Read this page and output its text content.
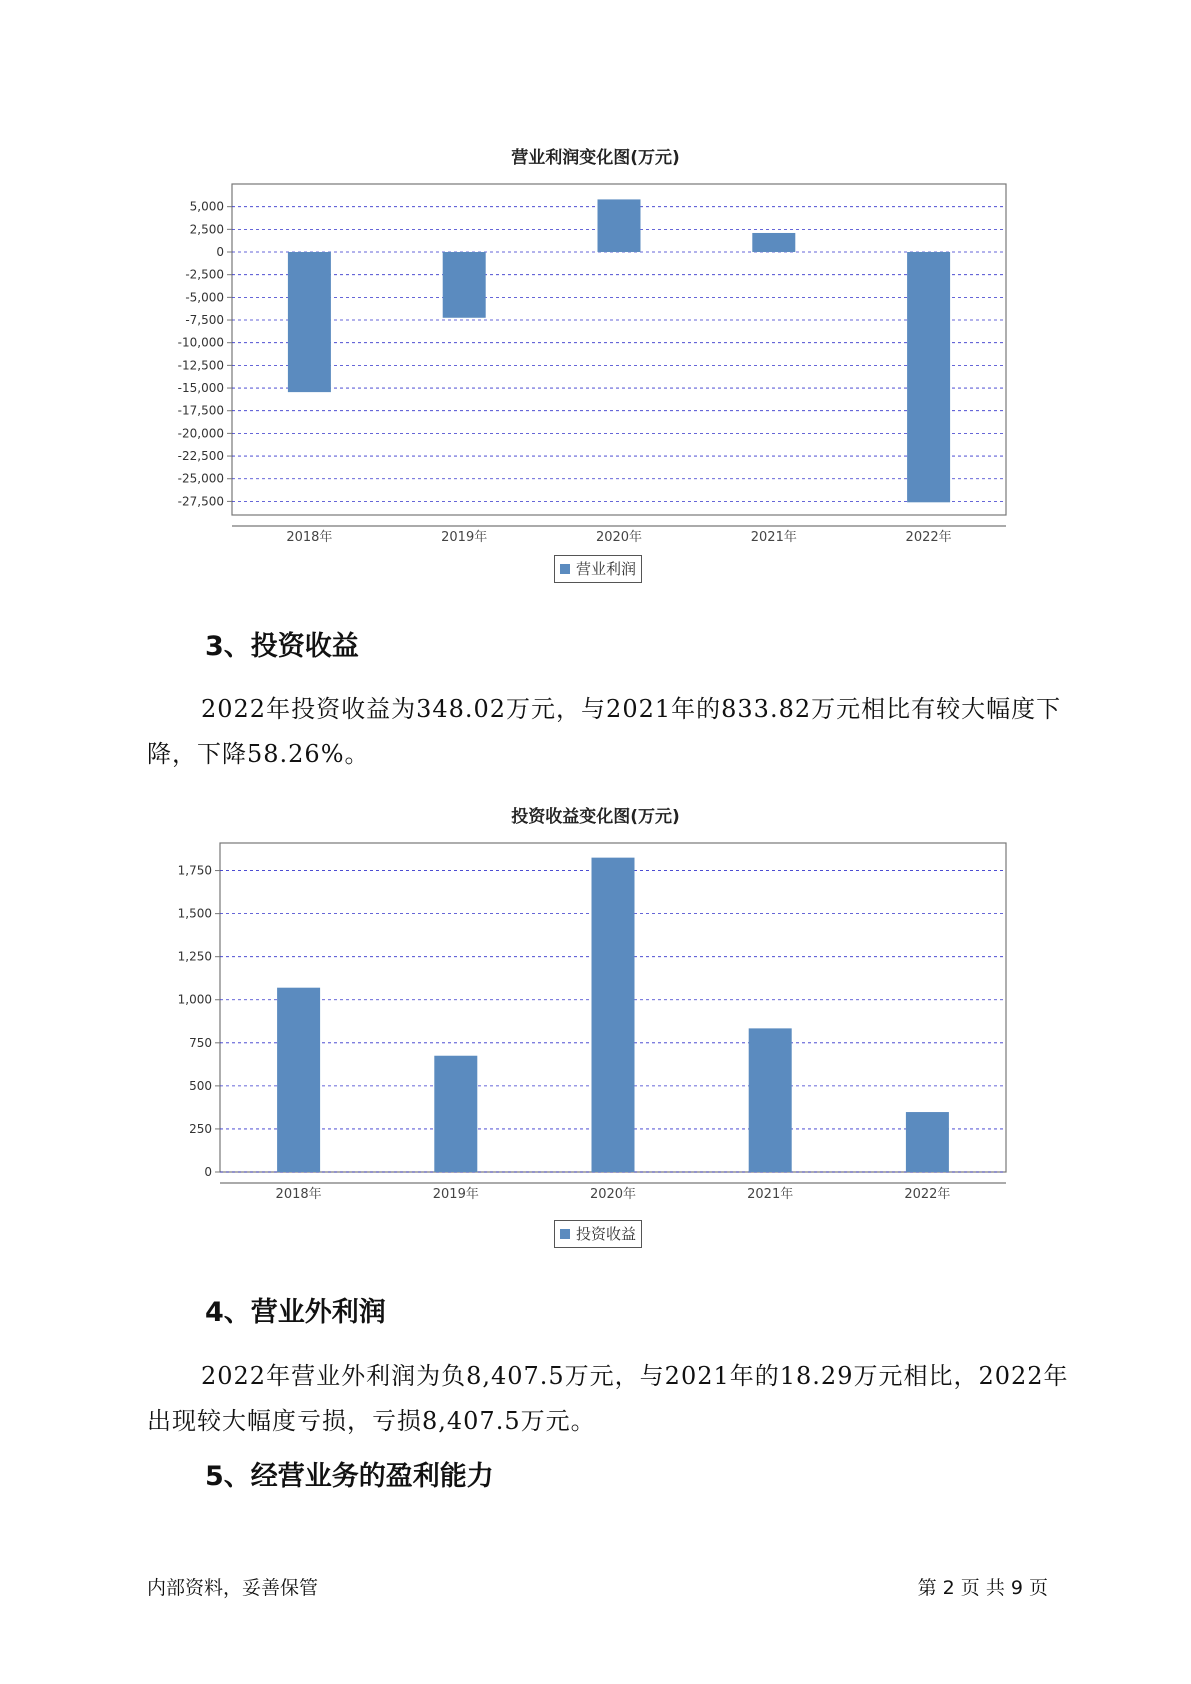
营业利润变化图(万元)
5,000
2,500
0
-2,500
-5,000
-7,500
-10,000
-12,500
-15,000
-17,500
-20,000
-22,500
-25,000
-27,500
2018年	2019年	2020年	2021年	2022年
营业利润
3、投资收益
2022年投资收益为348.02万元，与2021年的833.82万元相比有较大幅度下降，下降58.26%。
投资收益变化图(万元)
1,750
1,500
1,250
1,000
750
500
250
0
2018年	2019年	2020年	2021年	2022年
投资收益
4、营业外利润
2022年营业外利润为负8,407.5万元，与2021年的18.29万元相比，2022年出现较大幅度亏损，亏损8,407.5万元。
5、经营业务的盈利能力
内部资料，妥善保管	第 2 页 共 9 页
